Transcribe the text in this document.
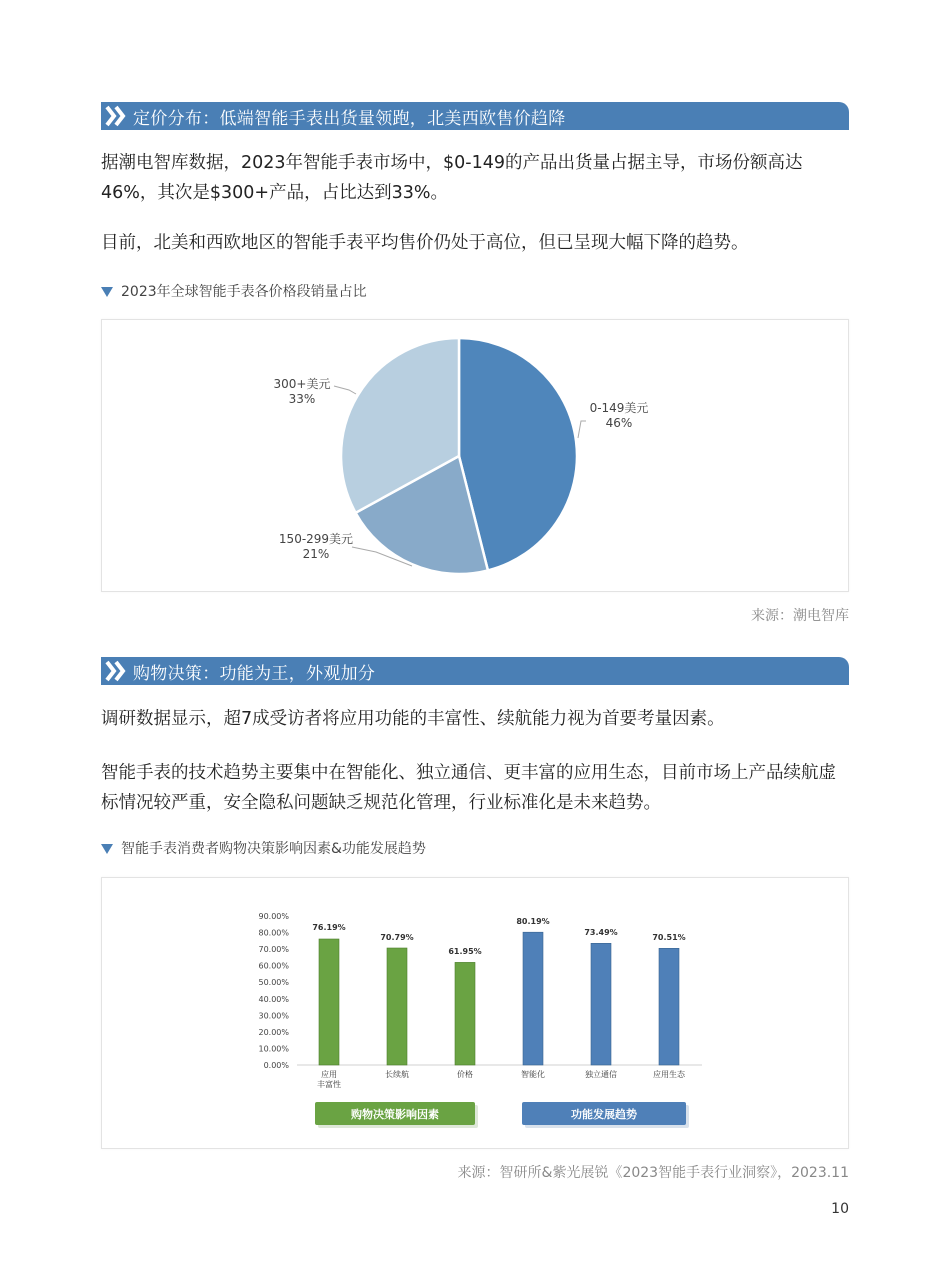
定价分布：低端智能手表出货量领跑，北美西欧售价趋降
据潮电智库数据，2023年智能手表市场中，$0-149的产品出货量占据主导，市场份额高达46%，其次是$300+产品，占比达到33%。
目前，北美和西欧地区的智能手表平均售价仍处于高位，但已呈现大幅下降的趋势。
2023年全球智能手表各价格段销量占比
0-149美元
46%
300+美元
33%
150-299美元
21%
来源：潮电智库
购物决策：功能为王，外观加分
调研数据显示，超7成受访者将应用功能的丰富性、续航能力视为首要考量因素。
智能手表的技术趋势主要集中在智能化、独立通信、更丰富的应用生态，目前市场上产品续航虚标情况较严重，安全隐私问题缺乏规范化管理，行业标准化是未来趋势。
智能手表消费者购物决策影响因素&功能发展趋势
0.00%
10.00%
20.00%
30.00%
40.00%
50.00%
60.00%
70.00%
80.00%
90.00%
76.19%
70.79%
61.95%
80.19%
73.49%
70.51%
应用
丰富性
长续航	价格	智能化	独立通信	应用生态
购物决策影响因素	功能发展趋势
来源：智研所&紫光展锐《2023智能手表行业洞察》，2023.11
10
